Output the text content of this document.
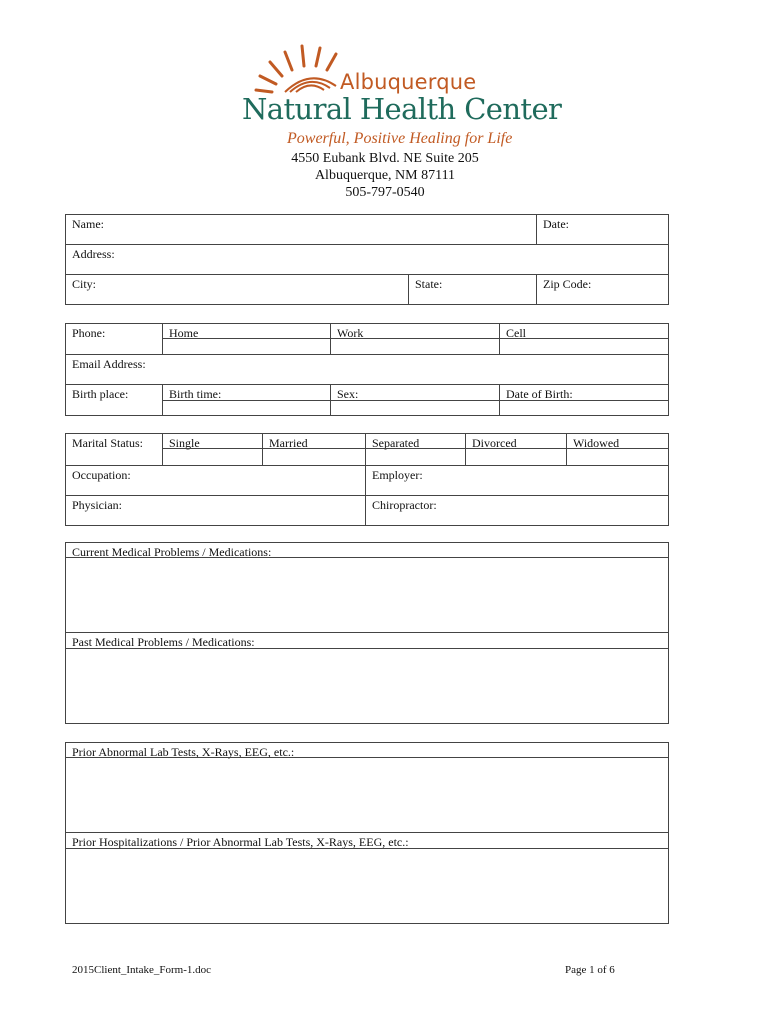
Albuquerque
Natural Health Center
Powerful, Positive Healing for Life
4550 Eubank Blvd. NE Suite 205
Albuquerque, NM 87111
505-797-0540
Name:	Date:
Address:
City:	State:	Zip Code:
Phone:	Home	Work	Cell
Email Address:
Birth place:	Birth time:	Sex:	Date of Birth:
Marital Status:	Single	Married	Separated	Divorced	Widowed
Occupation:	Employer:
Physician:	Chiropractor:
Current Medical Problems / Medications:
Past Medical Problems / Medications:
Prior Abnormal Lab Tests, X-Rays, EEG, etc.:
Prior Hospitalizations / Prior Abnormal Lab Tests, X-Rays, EEG, etc.:
2015Client_Intake_Form-1.doc	Page 1 of 6
